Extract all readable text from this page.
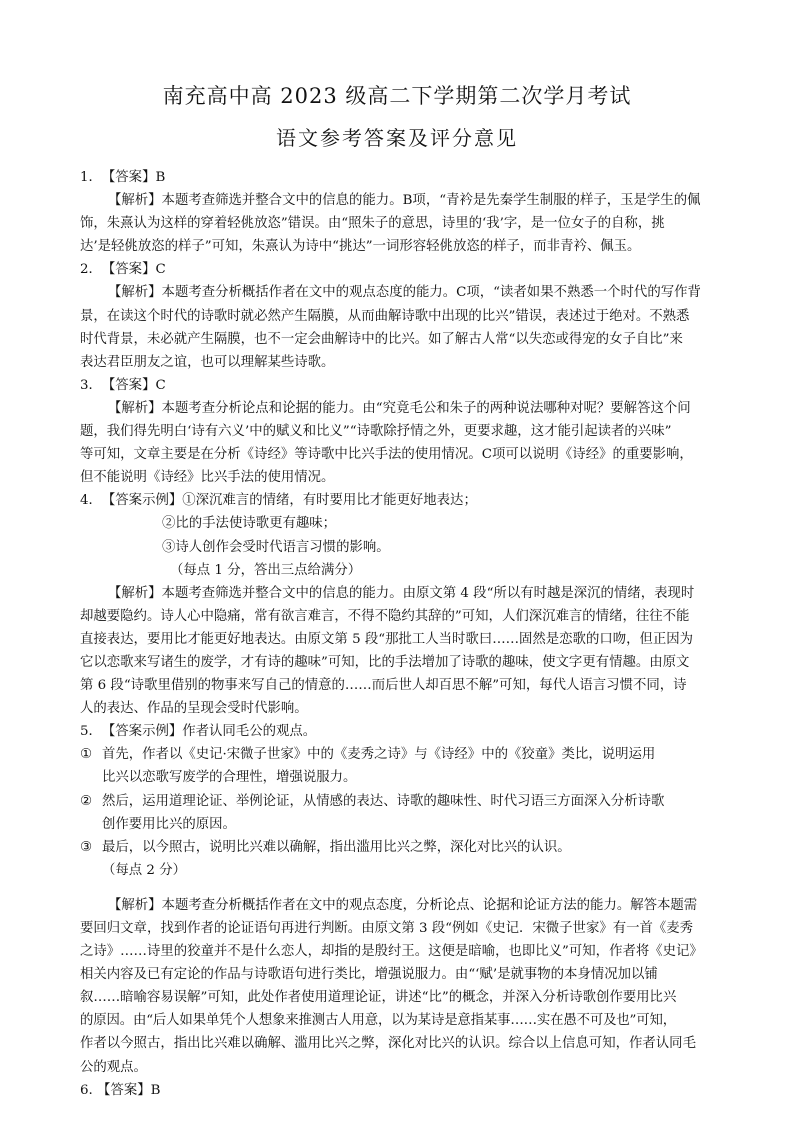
南充高中高 2023 级高二下学期第二次学月考试
语文参考答案及评分意见
1．　【答案】B
【解析】本题考查筛选并整合文中的信息的能力。B项，“青衿是先秦学生制服的样子，玉是学生的佩
饰，朱熹认为这样的穿着轻佻放恣”错误。由“照朱子的意思，诗里的‘我’字，是一位女子的自称，挑
达’是轻佻放恣的样子”可知，朱熹认为诗中“挑达”一词形容轻佻放恣的样子，而非青衿、佩玉。
2．　【答案】C
【解析】本题考查分析概括作者在文中的观点态度的能力。C项，“读者如果不熟悉一个时代的写作背
景，在读这个时代的诗歌时就必然产生隔膜，从而曲解诗歌中出现的比兴”错误，表述过于绝对。不熟悉
时代背景，未必就产生隔膜，也不一定会曲解诗中的比兴。如了解古人常“以失恋或得宠的女子自比”来
表达君臣朋友之谊，也可以理解某些诗歌。
3．　【答案】C
【解析】本题考查分析论点和论据的能力。由“究竟毛公和朱子的两种说法哪种对呢？要解答这个问
题，我们得先明白‘诗有六义’中的赋义和比义”“诗歌除抒情之外，更要求趣，这才能引起读者的兴味”
等可知，文章主要是在分析《诗经》等诗歌中比兴手法的使用情况。C项可以说明《诗经》的重要影响，
但不能说明《诗经》比兴手法的使用情况。
4．　【答案示例】①深沉难言的情绪，有时要用比才能更好地表达；
②比的手法使诗歌更有趣味；
③诗人创作会受时代语言习惯的影响。
（每点 1 分，答出三点给满分）
【解析】本题考查筛选并整合文中的信息的能力。由原文第 4 段“所以有时越是深沉的情绪，表现时
却越要隐约。诗人心中隐痛，常有欲言难言，不得不隐约其辞的”可知，人们深沉难言的情绪，往往不能
直接表达，要用比才能更好地表达。由原文第 5 段“那批工人当时歌曰……固然是恋歌的口吻，但正因为
它以恋歌来写诸生的废学，才有诗的趣味”可知，比的手法增加了诗歌的趣味，使文字更有情趣。由原文
第 6 段“诗歌里借别的物事来写自己的情意的……而后世人却百思不解”可知，每代人语言习惯不同，诗
人的表达、作品的呈现会受时代影响。
5．　【答案示例】作者认同毛公的观点。
① 首先，作者以《史记·宋微子世家》中的《麦秀之诗》与《诗经》中的《狡童》类比，说明运用
比兴以恋歌写废学的合理性，增强说服力。
② 然后，运用道理论证、举例论证，从情感的表达、诗歌的趣味性、时代习语三方面深入分析诗歌
创作要用比兴的原因。
③ 最后，以今照古，说明比兴难以确解，指出滥用比兴之弊，深化对比兴的认识。
（每点 2 分）
【解析】本题考查分析概括作者在文中的观点态度，分析论点、论据和论证方法的能力。解答本题需
要回归文章，找到作者的论证语句再进行判断。由原文第 3 段“例如《史记．宋微子世家》有一首《麦秀
之诗》……诗里的狡童并不是什么恋人，却指的是殷纣王。这便是暗喻，也即比义”可知，作者将《史记》
相关内容及已有定论的作品与诗歌语句进行类比，增强说服力。由“‘赋’是就事物的本身情况加以铺
叙……暗喻容易误解”可知，此处作者使用道理论证，讲述“比”的概念，并深入分析诗歌创作要用比兴
的原因。由“后人如果单凭个人想象来推测古人用意，以为某诗是意指某事……实在愚不可及也”可知，
作者以今照古，指出比兴难以确解、滥用比兴之弊，深化对比兴的认识。综合以上信息可知，作者认同毛
公的观点。
6. 【答案】B
